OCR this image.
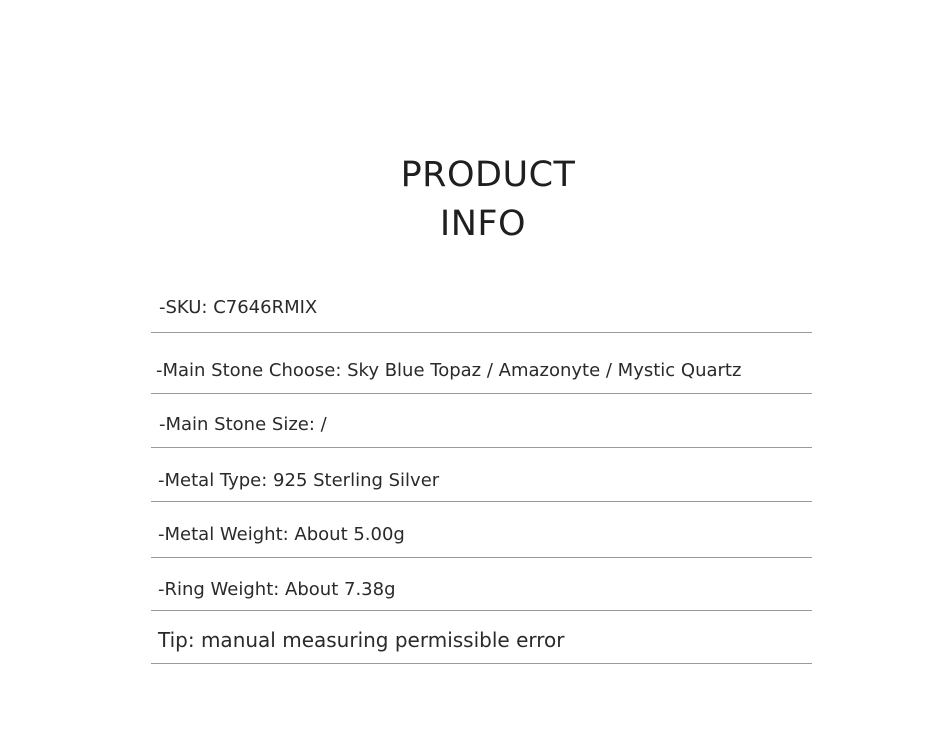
PRODUCT
INFO
-SKU: C7646RMIX
-Main Stone Choose: Sky Blue Topaz / Amazonyte / Mystic Quartz
-Main Stone Size: /
-Metal Type: 925 Sterling Silver
-Metal Weight: About 5.00g
-Ring Weight: About 7.38g
Tip: manual measuring permissible error
